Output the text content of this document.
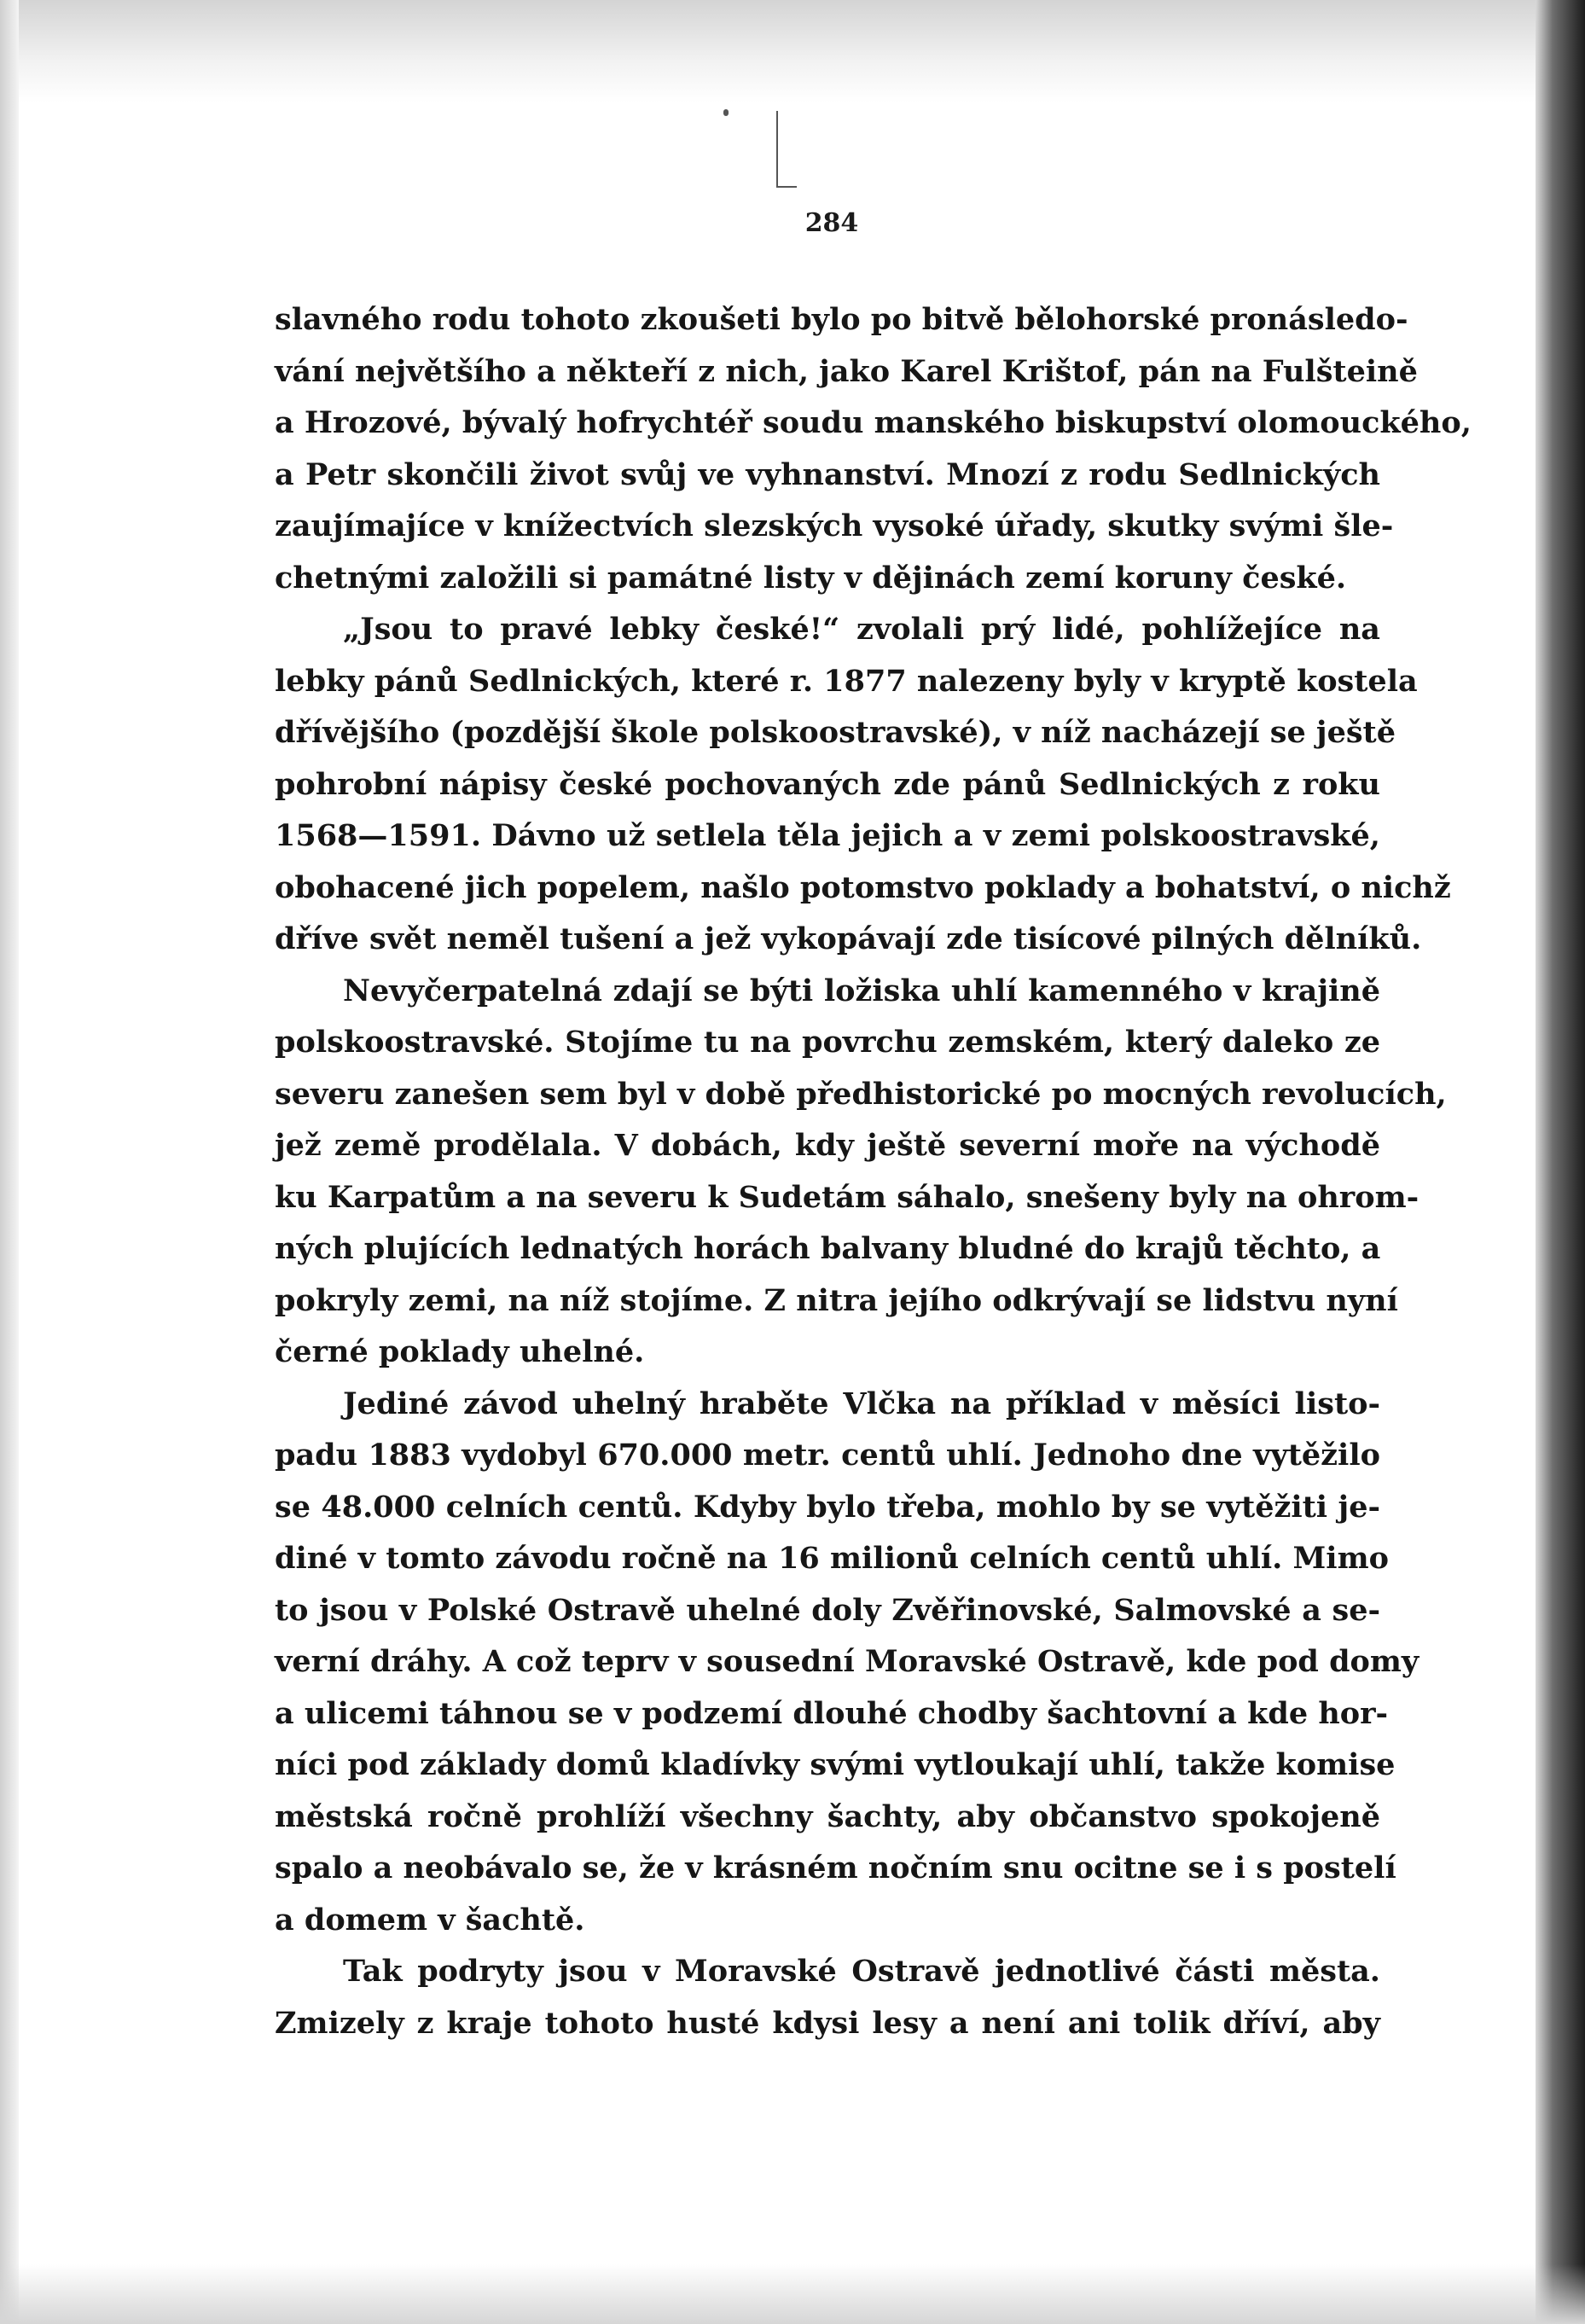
284
slavného rodu tohoto zkoušeti bylo po bitvě bělohorské pronásledo-
vání největšího a někteří z nich, jako Karel Krištof, pán na Fulšteině
a Hrozové, bývalý hofrychtéř soudu manského biskupství olomouckého,
a Petr skončili život svůj ve vyhnanství. Mnozí z rodu Sedlnických
zaujímajíce v knížectvích slezských vysoké úřady, skutky svými šle-
chetnými založili si památné listy v dějinách zemí koruny české.
„Jsou to pravé lebky české!“ zvolali prý lidé, pohlížejíce na
lebky pánů Sedlnických, které r. 1877 nalezeny byly v kryptě kostela
dřívějšího (pozdější škole polskoostravské), v níž nacházejí se ještě
pohrobní nápisy české pochovaných zde pánů Sedlnických z roku
1568—1591. Dávno už setlela těla jejich a v zemi polskoostravské,
obohacené jich popelem, našlo potomstvo poklady a bohatství, o nichž
dříve svět neměl tušení a jež vykopávají zde tisícové pilných dělníků.
Nevyčerpatelná zdají se býti ložiska uhlí kamenného v krajině
polskoostravské. Stojíme tu na povrchu zemském, který daleko ze
severu zanešen sem byl v době předhistorické po mocných revolucích,
jež země prodělala. V dobách, kdy ještě severní moře na východě
ku Karpatům a na severu k Sudetám sáhalo, snešeny byly na ohrom-
ných plujících lednatých horách balvany bludné do krajů těchto, a
pokryly zemi, na níž stojíme. Z nitra jejího odkrývají se lidstvu nyní
černé poklady uhelné.
Jediné závod uhelný hraběte Vlčka na příklad v měsíci listo-
padu 1883 vydobyl 670.000 metr. centů uhlí. Jednoho dne vytěžilo
se 48.000 celních centů. Kdyby bylo třeba, mohlo by se vytěžiti je-
diné v tomto závodu ročně na 16 milionů celních centů uhlí. Mimo
to jsou v Polské Ostravě uhelné doly Zvěřinovské, Salmovské a se-
verní dráhy. A což teprv v sousední Moravské Ostravě, kde pod domy
a ulicemi táhnou se v podzemí dlouhé chodby šachtovní a kde hor-
níci pod základy domů kladívky svými vytloukají uhlí, takže komise
městská ročně prohlíží všechny šachty, aby občanstvo spokojeně
spalo a neobávalo se, že v krásném nočním snu ocitne se i s postelí
a domem v šachtě.
Tak podryty jsou v Moravské Ostravě jednotlivé části města.
Zmizely z kraje tohoto husté kdysi lesy a není ani tolik dříví, aby
